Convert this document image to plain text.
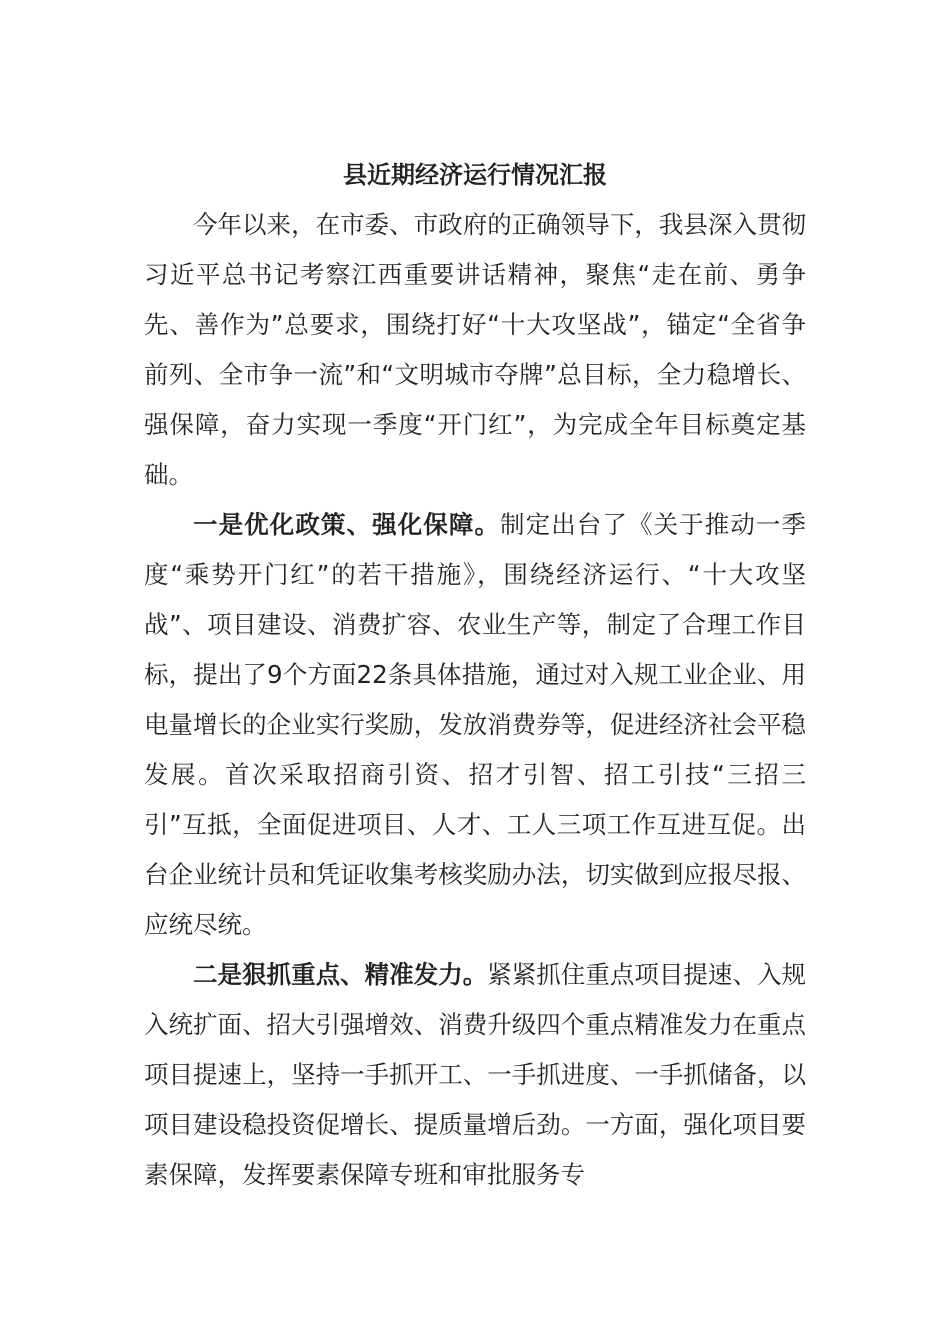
县近期经济运行情况汇报

今年以来，在市委、市政府的正确领导下，我县深入贯彻习近平总书记考察江西重要讲话精神，聚焦“走在前、勇争先、善作为”总要求，围绕打好“十大攻坚战”，锚定“全省争前列、全市争一流”和“文明城市夺牌”总目标，全力稳增长、强保障，奋力实现一季度“开门红”，为完成全年目标奠定基础。

一是优化政策、强化保障。制定出台了《关于推动一季度“乘势开门红”的若干措施》，围绕经济运行、“十大攻坚战”、项目建设、消费扩容、农业生产等，制定了合理工作目标，提出了9个方面22条具体措施，通过对入规工业企业、用电量增长的企业实行奖励，发放消费券等，促进经济社会平稳发展。首次采取招商引资、招才引智、招工引技“三招三引”互抵，全面促进项目、人才、工人三项工作互进互促。出台企业统计员和凭证收集考核奖励办法，切实做到应报尽报、应统尽统。

二是狠抓重点、精准发力。紧紧抓住重点项目提速、入规入统扩面、招大引强增效、消费升级四个重点精准发力在重点项目提速上，坚持一手抓开工、一手抓进度、一手抓储备，以项目建设稳投资促增长、提质量增后劲。一方面，强化项目要素保障，发挥要素保障专班和审批服务专
